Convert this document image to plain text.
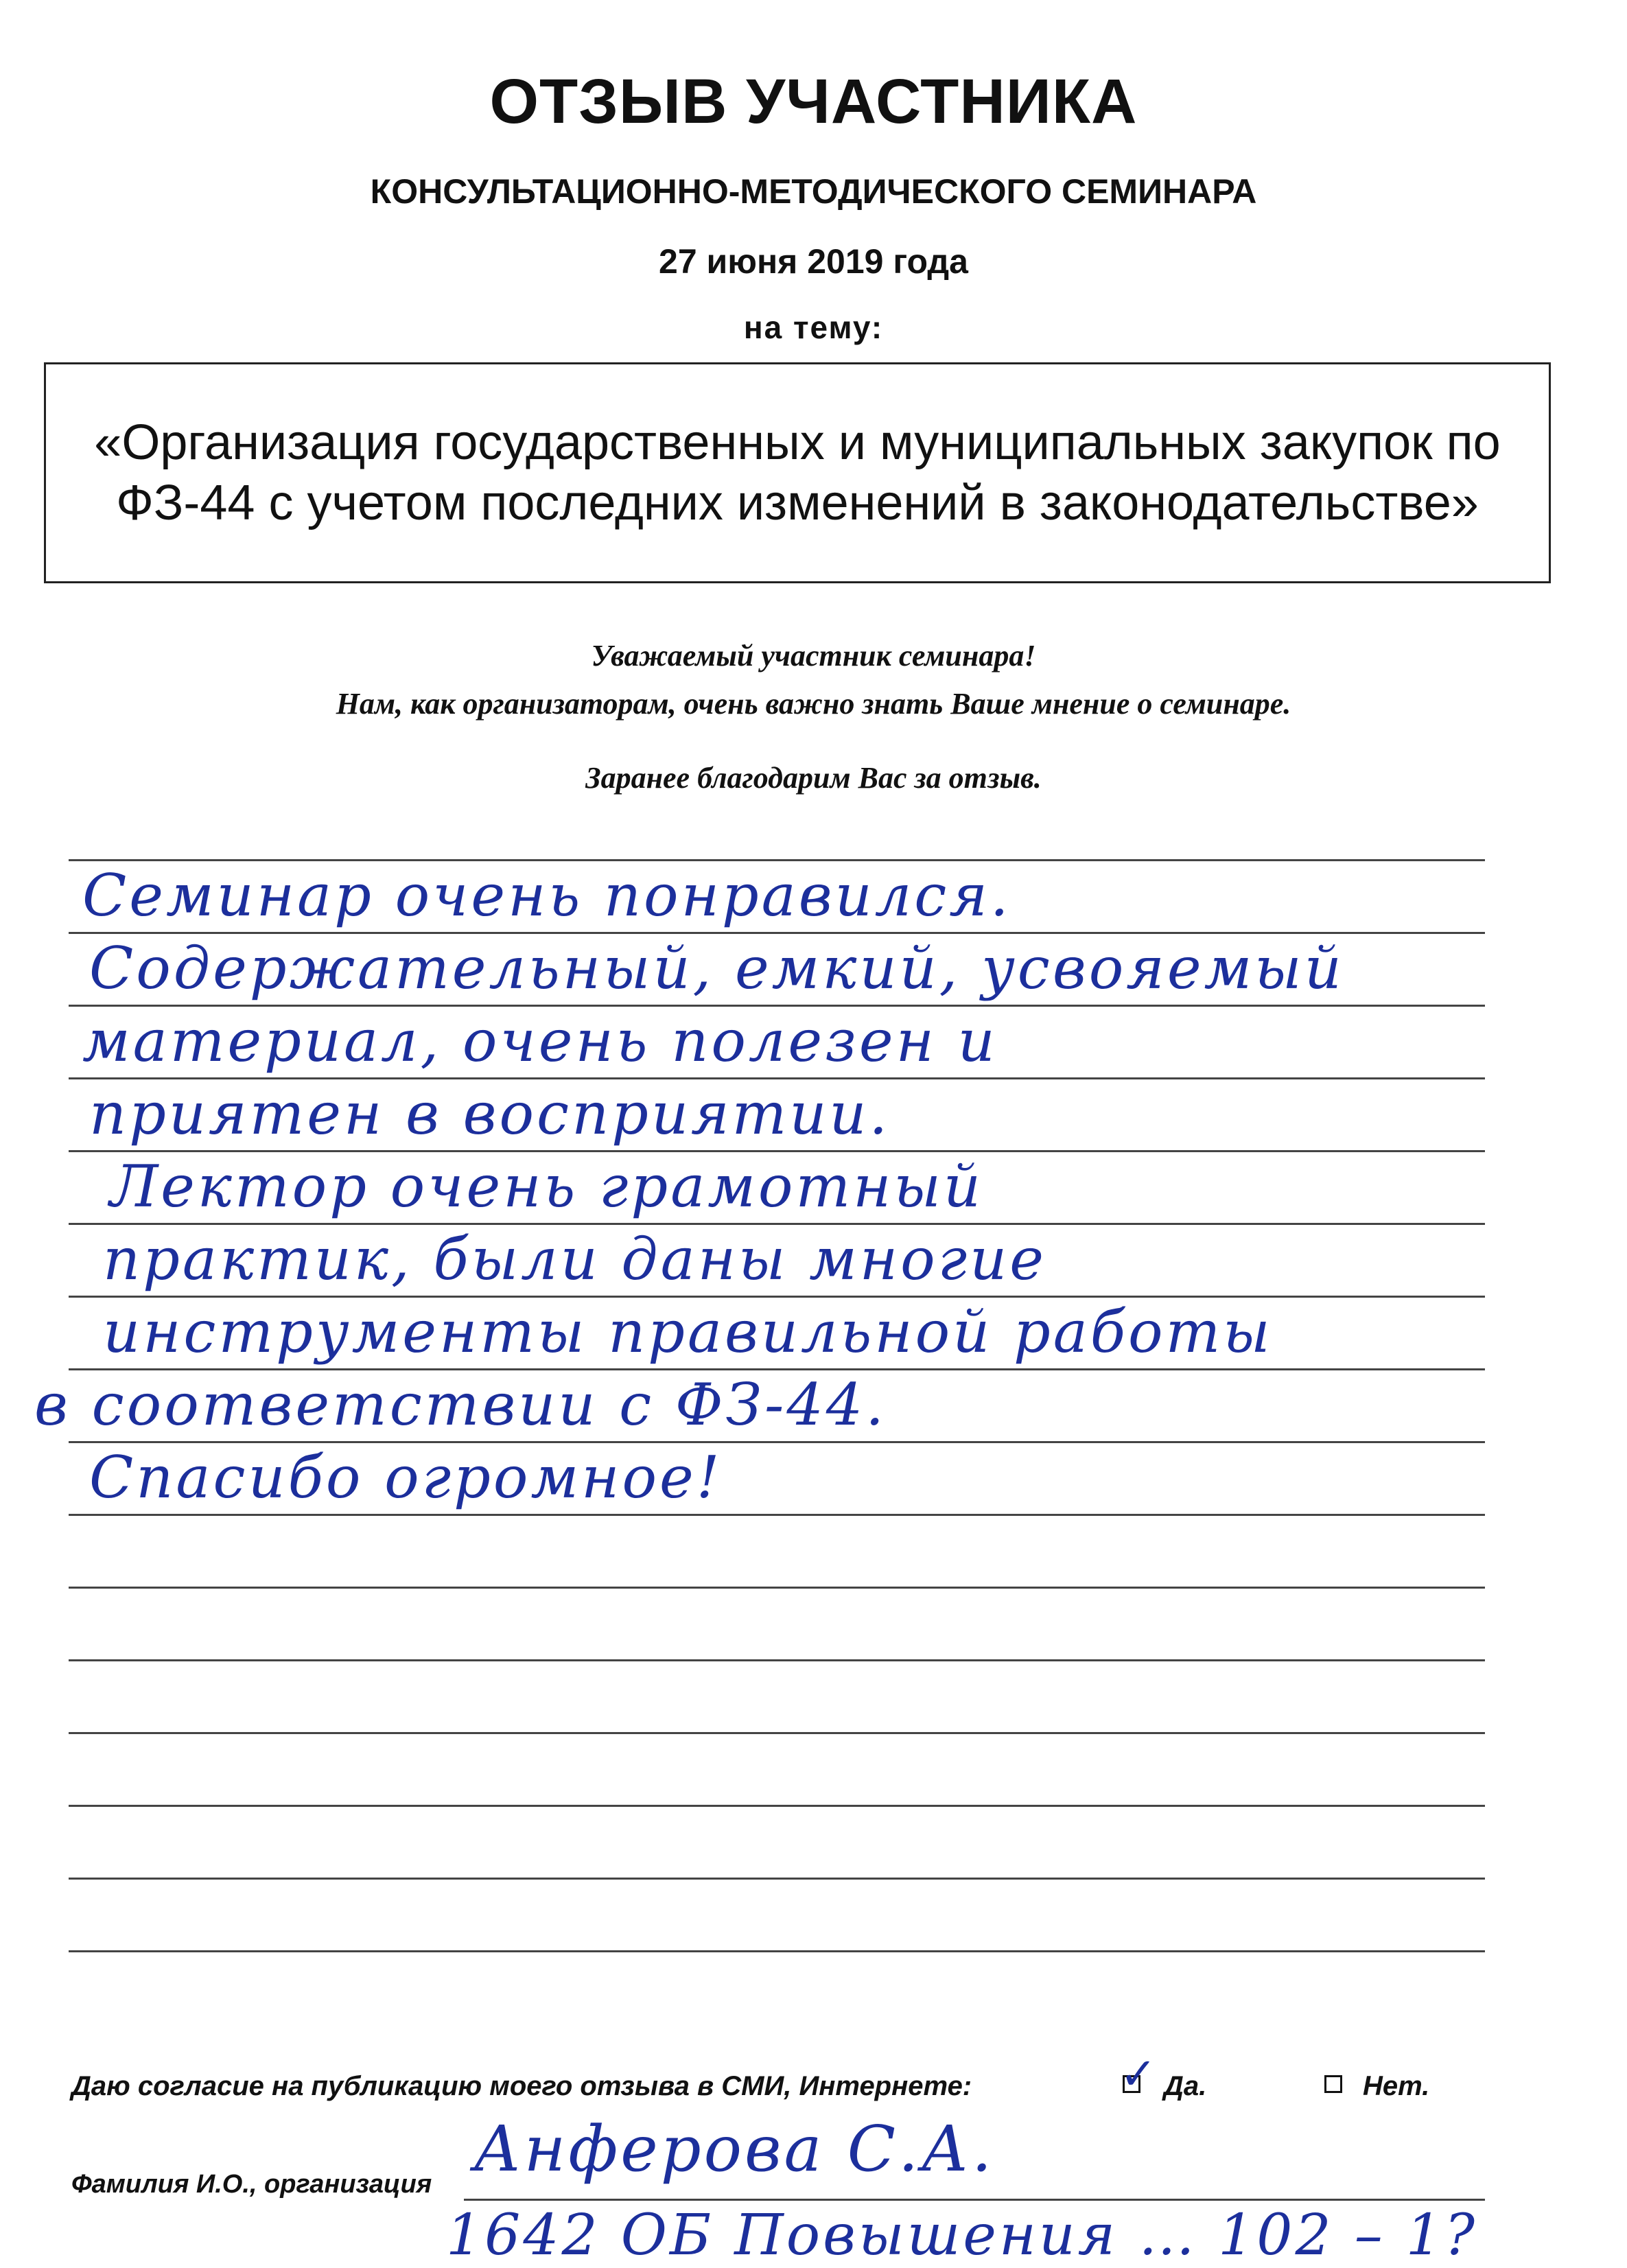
ОТЗЫВ УЧАСТНИКА
КОНСУЛЬТАЦИОННО-МЕТОДИЧЕСКОГО СЕМИНАРА
27 июня 2019 года
на тему:
«Организация государственных и муниципальных закупок по ФЗ-44 с учетом последних изменений в законодательстве»
Уважаемый участник семинара!
Нам, как организаторам, очень важно знать Ваше мнение о семинаре.
Заранее благодарим Вас за отзыв.
Семинар очень понравился.
Содержательный, емкий, усвояемый
материал, очень полезен и
приятен в восприятии.
Лектор очень грамотный
практик, были даны многие
инструменты правильной работы
в соответствии с ФЗ-44.
Спасибо огромное!
Даю согласие на публикацию моего отзыва в СМИ, Интернете:	✓ Да.	Нет.
Фамилия И.О., организация Анферова С.А.
1642 ОБ Повышения … 102 – 1?
